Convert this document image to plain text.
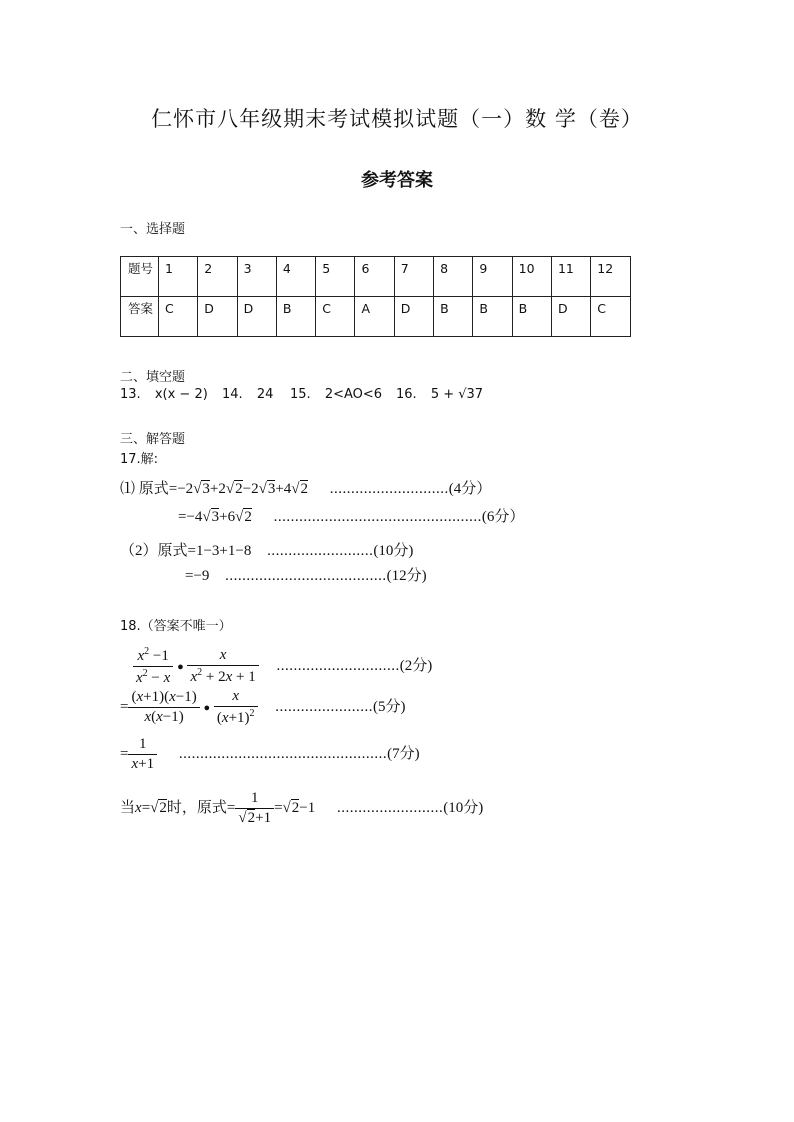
仁怀市八年级期末考试模拟试题（一）数 学（卷）
参考答案
一、选择题
题号	1	2	3	4	5	6	7	8	9	10	11	12
答案	C	D	D	B	C	A	D	B	B	B	D	C
二、填空题
13. x(x − 2) 14. 24 15. 2<AO<6 16. 5 + √37
三、解答题
17.解:
⑴ 原式=−2√3+2√2−2√3+4√2 ............................(4分）
=−4√3+6√2 .................................................(6分）
（2）原式=1−3+1−8 .........................(10分)
=−9 ......................................(12分)
18.（答案不唯一）
$\frac{x^2 -1}{x^2 - x}$ ● $\frac{x}{x^2 + 2x + 1} .............................(2$分)
= $\frac{(x+1)(x-1)}{x(x-1)}$ ● $\frac{x}{(x+1)^2} .......................(5$分)
= $\frac{1}{x+1} .................................................(7$分)
当x=√2时，原式= $\frac{1}{√2+1} =√2-1$ .........................(10分)
